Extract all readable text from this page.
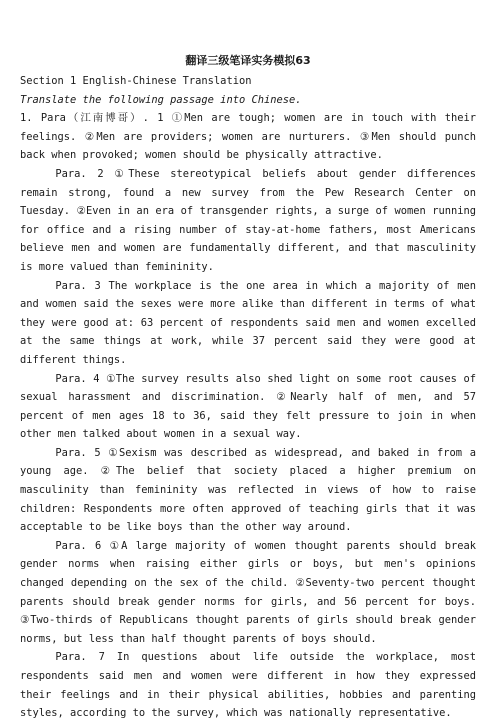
翻译三级笔译实务模拟63
Section 1 English-Chinese Translation
Translate the following passage into Chinese.

1. Para（江南博哥）. 1 ①Men are tough; women are in touch with their feelings. ②Men are providers; women are nurturers. ③Men should punch back when provoked; women should be physically attractive.

Para. 2 ①These stereotypical beliefs about gender differences remain strong, found a new survey from the Pew Research Center on Tuesday. ②Even in an era of transgender rights, a surge of women running for office and a rising number of stay-at-home fathers, most Americans believe men and women are fundamentally different, and that masculinity is more valued than femininity.

Para. 3 The workplace is the one area in which a majority of men and women said the sexes were more alike than different in terms of what they were good at: 63 percent of respondents said men and women excelled at the same things at work, while 37 percent said they were good at different things.

Para. 4 ①The survey results also shed light on some root causes of sexual harassment and discrimination. ②Nearly half of men, and 57 percent of men ages 18 to 36, said they felt pressure to join in when other men talked about women in a sexual way.

Para. 5 ①Sexism was described as widespread, and baked in from a young age. ②The belief that society placed a higher premium on masculinity than femininity was reflected in views of how to raise children: Respondents more often approved of teaching girls that it was acceptable to be like boys than the other way around.

Para. 6 ①A large majority of women thought parents should break gender norms when raising either girls or boys, but men's opinions changed depending on the sex of the child. ②Seventy-two percent thought parents should break gender norms for girls, and 56 percent for boys. ③Two-thirds of Republicans thought parents of girls should break gender norms, but less than half thought parents of boys should.

Para. 7 In questions about life outside the workplace, most respondents said men and women were different in how they expressed their feelings and in their physical abilities, hobbies and parenting styles, according to the survey, which was nationally representative.
